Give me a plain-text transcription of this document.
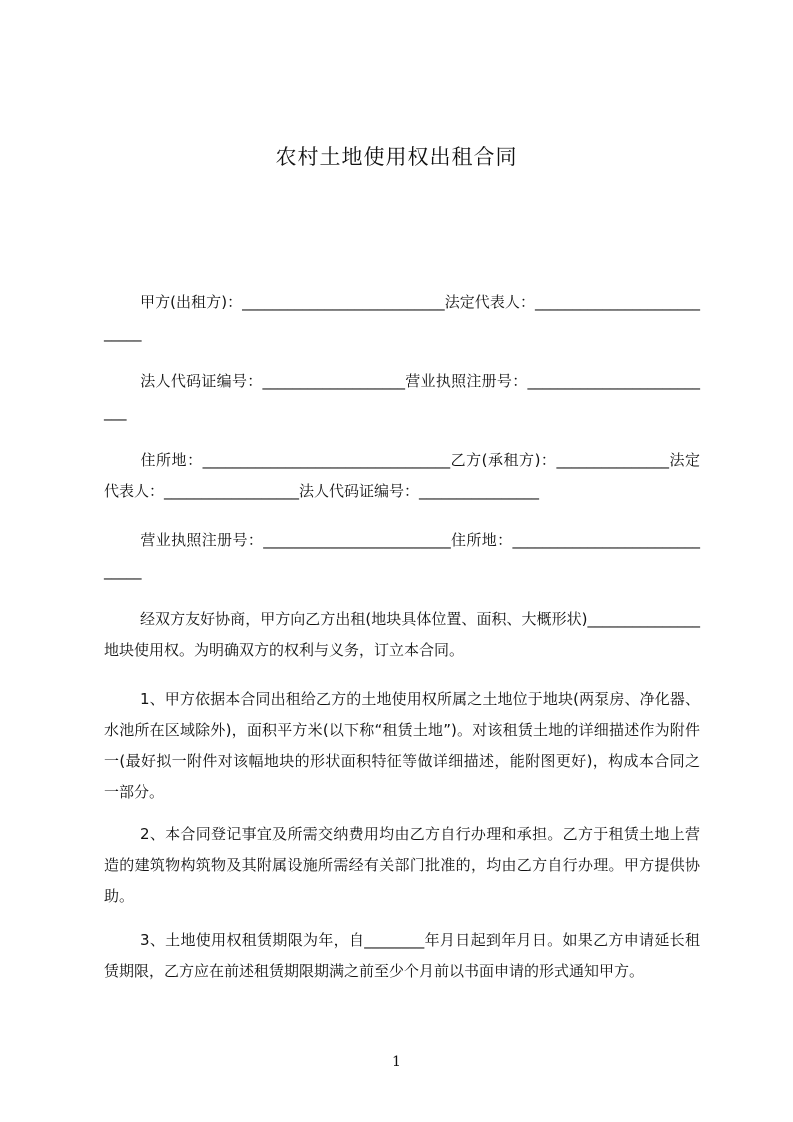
农村土地使用权出租合同
甲方(出租方)：___________________________法定代表人：___________________________
法人代码证编号：___________________营业执照注册号：__________________________
住所地：_________________________________乙方(承租方)：_______________法定代表人：__________________法人代码证编号：________________
营业执照注册号：_________________________住所地：______________________________
经双方友好协商，甲方向乙方出租(地块具体位置、面积、大概形状)_______________地块使用权。为明确双方的权利与义务，订立本合同。
1、甲方依据本合同出租给乙方的土地使用权所属之土地位于地块(两泵房、净化器、水池所在区域除外)，面积平方米(以下称“租赁土地”)。对该租赁土地的详细描述作为附件一(最好拟一附件对该幅地块的形状面积特征等做详细描述，能附图更好)，构成本合同之一部分。
2、本合同登记事宜及所需交纳费用均由乙方自行办理和承担。乙方于租赁土地上营造的建筑物构筑物及其附属设施所需经有关部门批准的，均由乙方自行办理。甲方提供协助。
3、土地使用权租赁期限为年，自________年月日起到年月日。如果乙方申请延长租赁期限，乙方应在前述租赁期限期满之前至少个月前以书面申请的形式通知甲方。
1
